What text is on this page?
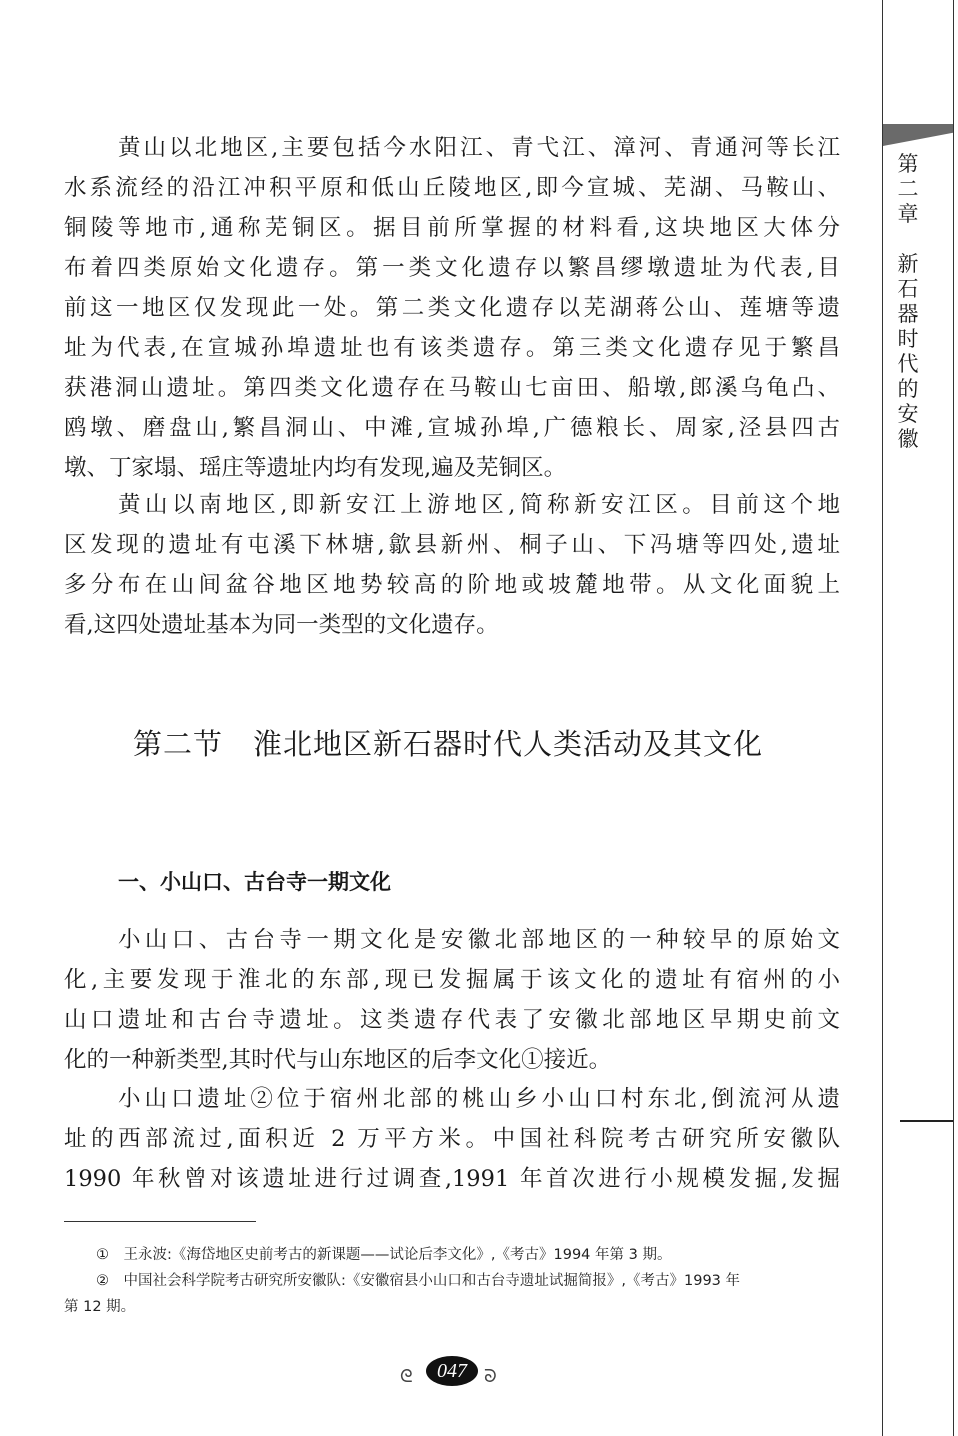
黄山以北地区,主要包括今水阳江、青弋江、漳河、青通河等长江
水系流经的沿江冲积平原和低山丘陵地区,即今宣城、芜湖、马鞍山、
铜陵等地市,通称芜铜区。据目前所掌握的材料看,这块地区大体分
布着四类原始文化遗存。第一类文化遗存以繁昌缪墩遗址为代表,目
前这一地区仅发现此一处。第二类文化遗存以芜湖蒋公山、莲塘等遗
址为代表,在宣城孙埠遗址也有该类遗存。第三类文化遗存见于繁昌
获港洞山遗址。第四类文化遗存在马鞍山七亩田、船墩,郎溪乌龟凸、
鸥墩、磨盘山,繁昌洞山、中滩,宣城孙埠,广德粮长、周家,泾县四古
墩、丁家塌、瑶庄等遗址内均有发现,遍及芜铜区。
黄山以南地区,即新安江上游地区,简称新安江区。目前这个地
区发现的遗址有屯溪下林塘,歙县新州、桐子山、下冯塘等四处,遗址
多分布在山间盆谷地区地势较高的阶地或坡麓地带。从文化面貌上
看,这四处遗址基本为同一类型的文化遗存。
第二节　淮北地区新石器时代人类活动及其文化
一、小山口、古台寺一期文化
小山口、古台寺一期文化是安徽北部地区的一种较早的原始文
化,主要发现于淮北的东部,现已发掘属于该文化的遗址有宿州的小
山口遗址和古台寺遗址。这类遗存代表了安徽北部地区早期史前文
化的一种新类型,其时代与山东地区的后李文化①接近。
小山口遗址②位于宿州北部的桃山乡小山口村东北,倒流河从遗
址的西部流过,面积近 2 万平方米。中国社科院考古研究所安徽队
1990 年秋曾对该遗址进行过调查,1991 年首次进行小规模发掘,发掘
①　王永波:《海岱地区史前考古的新课题——试论后李文化》,《考古》1994 年第 3 期。
②　中国社会科学院考古研究所安徽队:《安徽宿县小山口和古台寺遗址试掘简报》,《考古》1993 年
第 12 期。
ᘓ	047 ᘐ
第
二
章
新
石
器
时
代
的
安
徽
